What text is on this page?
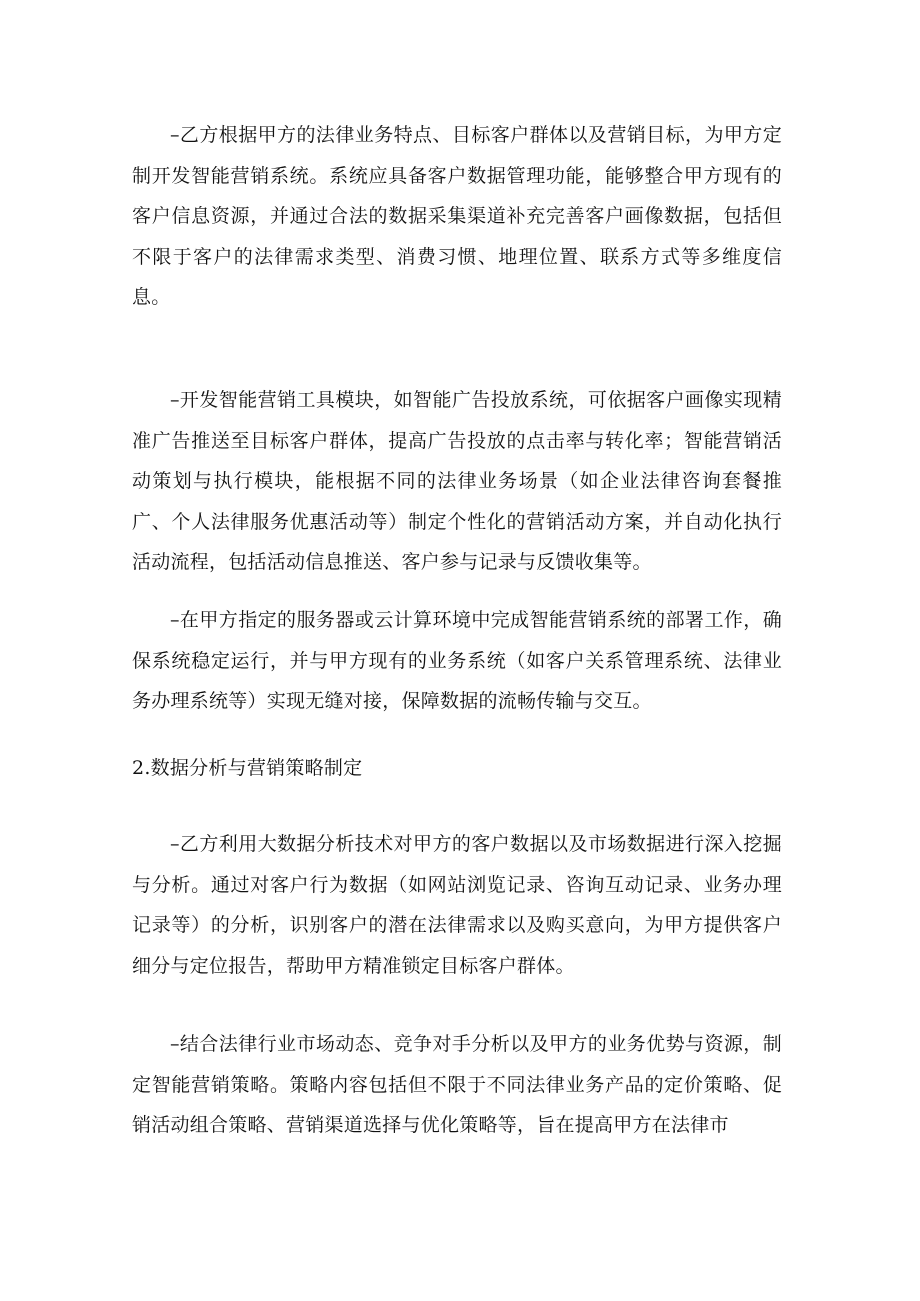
–乙方根据甲方的法律业务特点、目标客户群体以及营销目标，为甲方定制开发智能营销系统。系统应具备客户数据管理功能，能够整合甲方现有的客户信息资源，并通过合法的数据采集渠道补充完善客户画像数据，包括但不限于客户的法律需求类型、消费习惯、地理位置、联系方式等多维度信息。

–开发智能营销工具模块，如智能广告投放系统，可依据客户画像实现精准广告推送至目标客户群体，提高广告投放的点击率与转化率；智能营销活动策划与执行模块，能根据不同的法律业务场景（如企业法律咨询套餐推广、个人法律服务优惠活动等）制定个性化的营销活动方案，并自动化执行活动流程，包括活动信息推送、客户参与记录与反馈收集等。

–在甲方指定的服务器或云计算环境中完成智能营销系统的部署工作，确保系统稳定运行，并与甲方现有的业务系统（如客户关系管理系统、法律业务办理系统等）实现无缝对接，保障数据的流畅传输与交互。

2.数据分析与营销策略制定

–乙方利用大数据分析技术对甲方的客户数据以及市场数据进行深入挖掘与分析。通过对客户行为数据（如网站浏览记录、咨询互动记录、业务办理记录等）的分析，识别客户的潜在法律需求以及购买意向，为甲方提供客户细分与定位报告，帮助甲方精准锁定目标客户群体。

–结合法律行业市场动态、竞争对手分析以及甲方的业务优势与资源，制定智能营销策略。策略内容包括但不限于不同法律业务产品的定价策略、促销活动组合策略、营销渠道选择与优化策略等，旨在提高甲方在法律市
